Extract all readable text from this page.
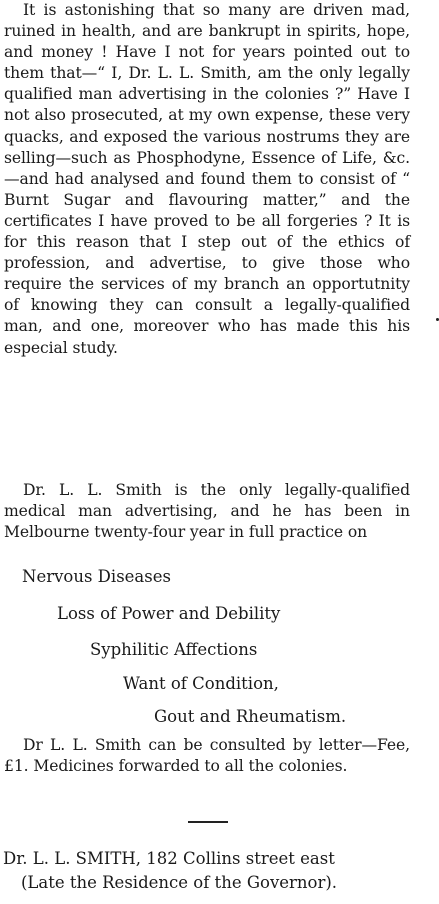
It is astonishing that so many are driven mad, ruined in health, and are bankrupt in spirits, hope, and money ! Have I not for years pointed out to them that—“ I, Dr. L. L. Smith, am the only legally qualified man advertising in the colonies ?” Have I not also prosecuted, at my own expense, these very quacks, and exposed the various nostrums they are selling—such as Phosphodyne, Essence of Life, &c.—and had analysed and found them to consist of “ Burnt Sugar and flavouring matter,” and the certificates I have proved to be all forgeries ? It is for this reason that I step out of the ethics of profession, and advertise, to give those who require the services of my branch an opportutnity of knowing they can consult a legally-qualified man, and one, moreover who has made this his especial study.

Dr. L. L. Smith is the only legally-qualified medical man advertising, and he has been in Melbourne twenty-four year in full practice on

Nervous Diseases

Loss of Power and Debility

Syphilitic Affections

Want of Condition,

Gout and Rheumatism.

Dr L. L. Smith can be consulted by letter—Fee, £1. Medicines forwarded to all the colonies.

Dr. L. L. SMITH, 182 Collins street east

(Late the Residence of the Governor).
